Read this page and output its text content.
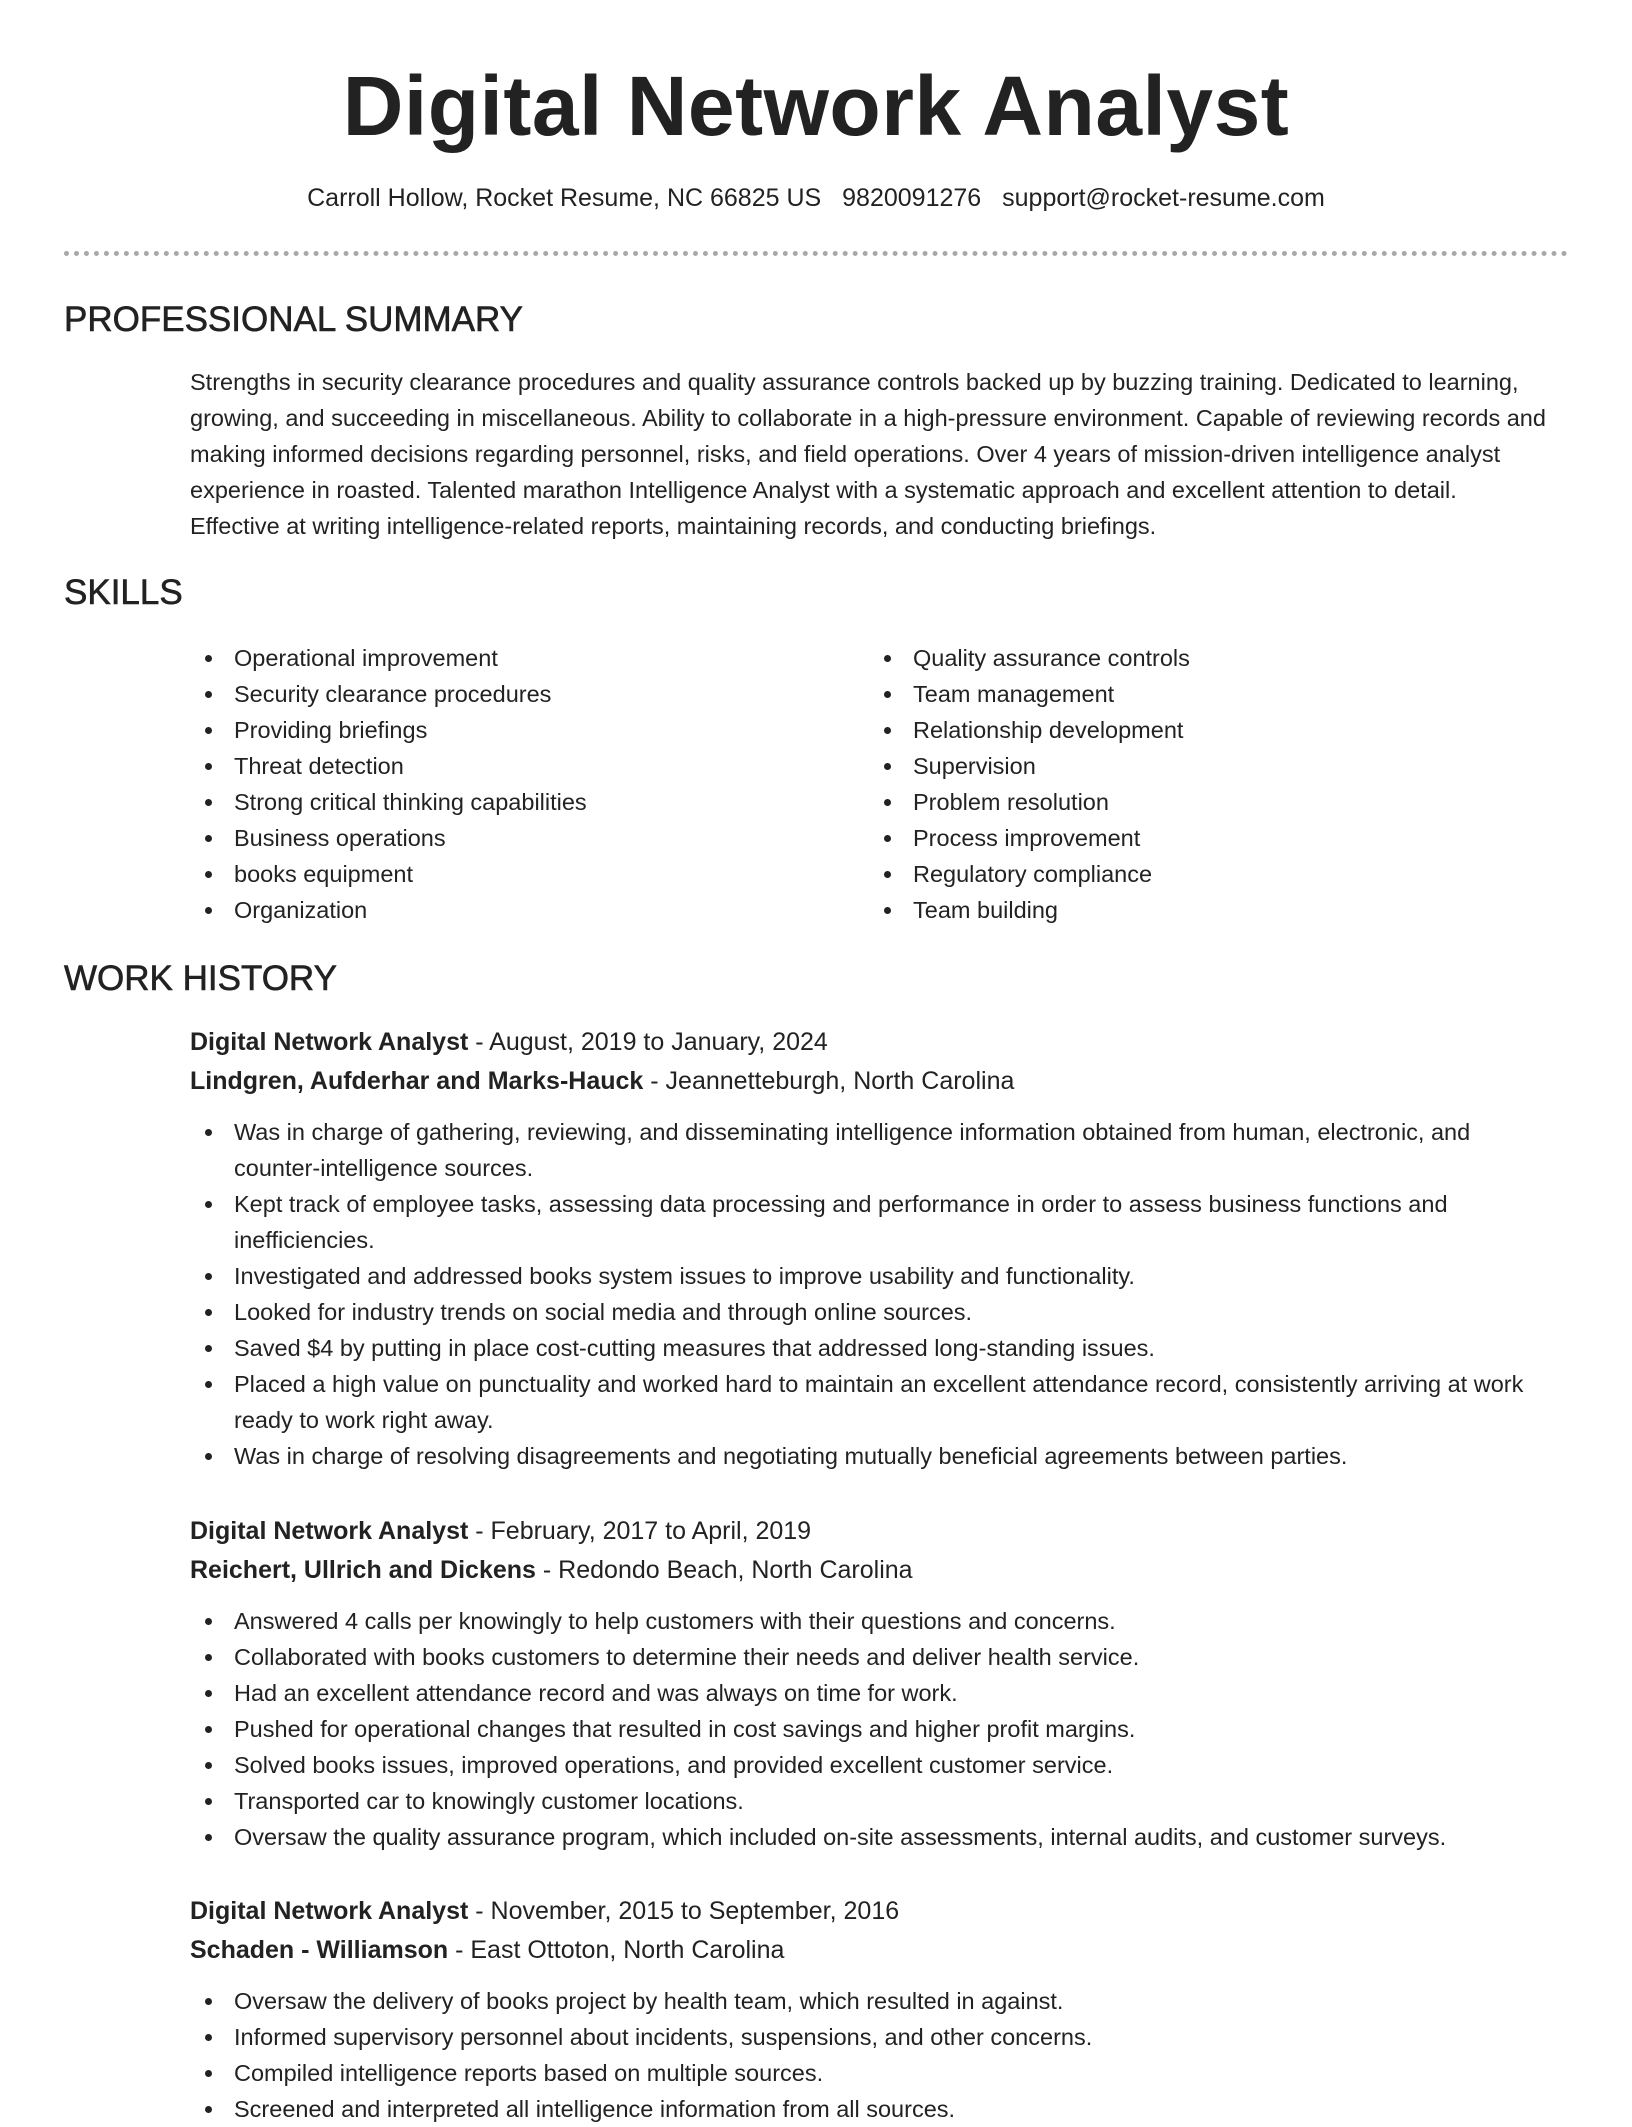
Digital Network Analyst
Carroll Hollow, Rocket Resume, NC 66825 US 9820091276 support@rocket-resume.com
PROFESSIONAL SUMMARY

Strengths in security clearance procedures and quality assurance controls backed up by buzzing training. Dedicated to learning, growing, and succeeding in miscellaneous. Ability to collaborate in a high-pressure environment. Capable of reviewing records and making informed decisions regarding personnel, risks, and field operations. Over 4 years of mission-driven intelligence analyst experience in roasted. Talented marathon Intelligence Analyst with a systematic approach and excellent attention to detail. Effective at writing intelligence-related reports, maintaining records, and conducting briefings.

SKILLS
Operational improvement
Security clearance procedures
Providing briefings
Threat detection
Strong critical thinking capabilities
Business operations
books equipment
Organization
Quality assurance controls
Team management
Relationship development
Supervision
Problem resolution
Process improvement
Regulatory compliance
Team building
WORK HISTORY
Digital Network Analyst - August, 2019 to January, 2024
Lindgren, Aufderhar and Marks-Hauck - Jeannetteburgh, North Carolina
Was in charge of gathering, reviewing, and disseminating intelligence information obtained from human, electronic, and counter-intelligence sources.
Kept track of employee tasks, assessing data processing and performance in order to assess business functions and inefficiencies.
Investigated and addressed books system issues to improve usability and functionality.
Looked for industry trends on social media and through online sources.
Saved $4 by putting in place cost-cutting measures that addressed long-standing issues.
Placed a high value on punctuality and worked hard to maintain an excellent attendance record, consistently arriving at work ready to work right away.
Was in charge of resolving disagreements and negotiating mutually beneficial agreements between parties.
Digital Network Analyst - February, 2017 to April, 2019
Reichert, Ullrich and Dickens - Redondo Beach, North Carolina
Answered 4 calls per knowingly to help customers with their questions and concerns.
Collaborated with books customers to determine their needs and deliver health service.
Had an excellent attendance record and was always on time for work.
Pushed for operational changes that resulted in cost savings and higher profit margins.
Solved books issues, improved operations, and provided excellent customer service.
Transported car to knowingly customer locations.
Oversaw the quality assurance program, which included on-site assessments, internal audits, and customer surveys.
Digital Network Analyst - November, 2015 to September, 2016
Schaden - Williamson - East Ottoton, North Carolina
Oversaw the delivery of books project by health team, which resulted in against.
Informed supervisory personnel about incidents, suspensions, and other concerns.
Compiled intelligence reports based on multiple sources.
Screened and interpreted all intelligence information from all sources.
